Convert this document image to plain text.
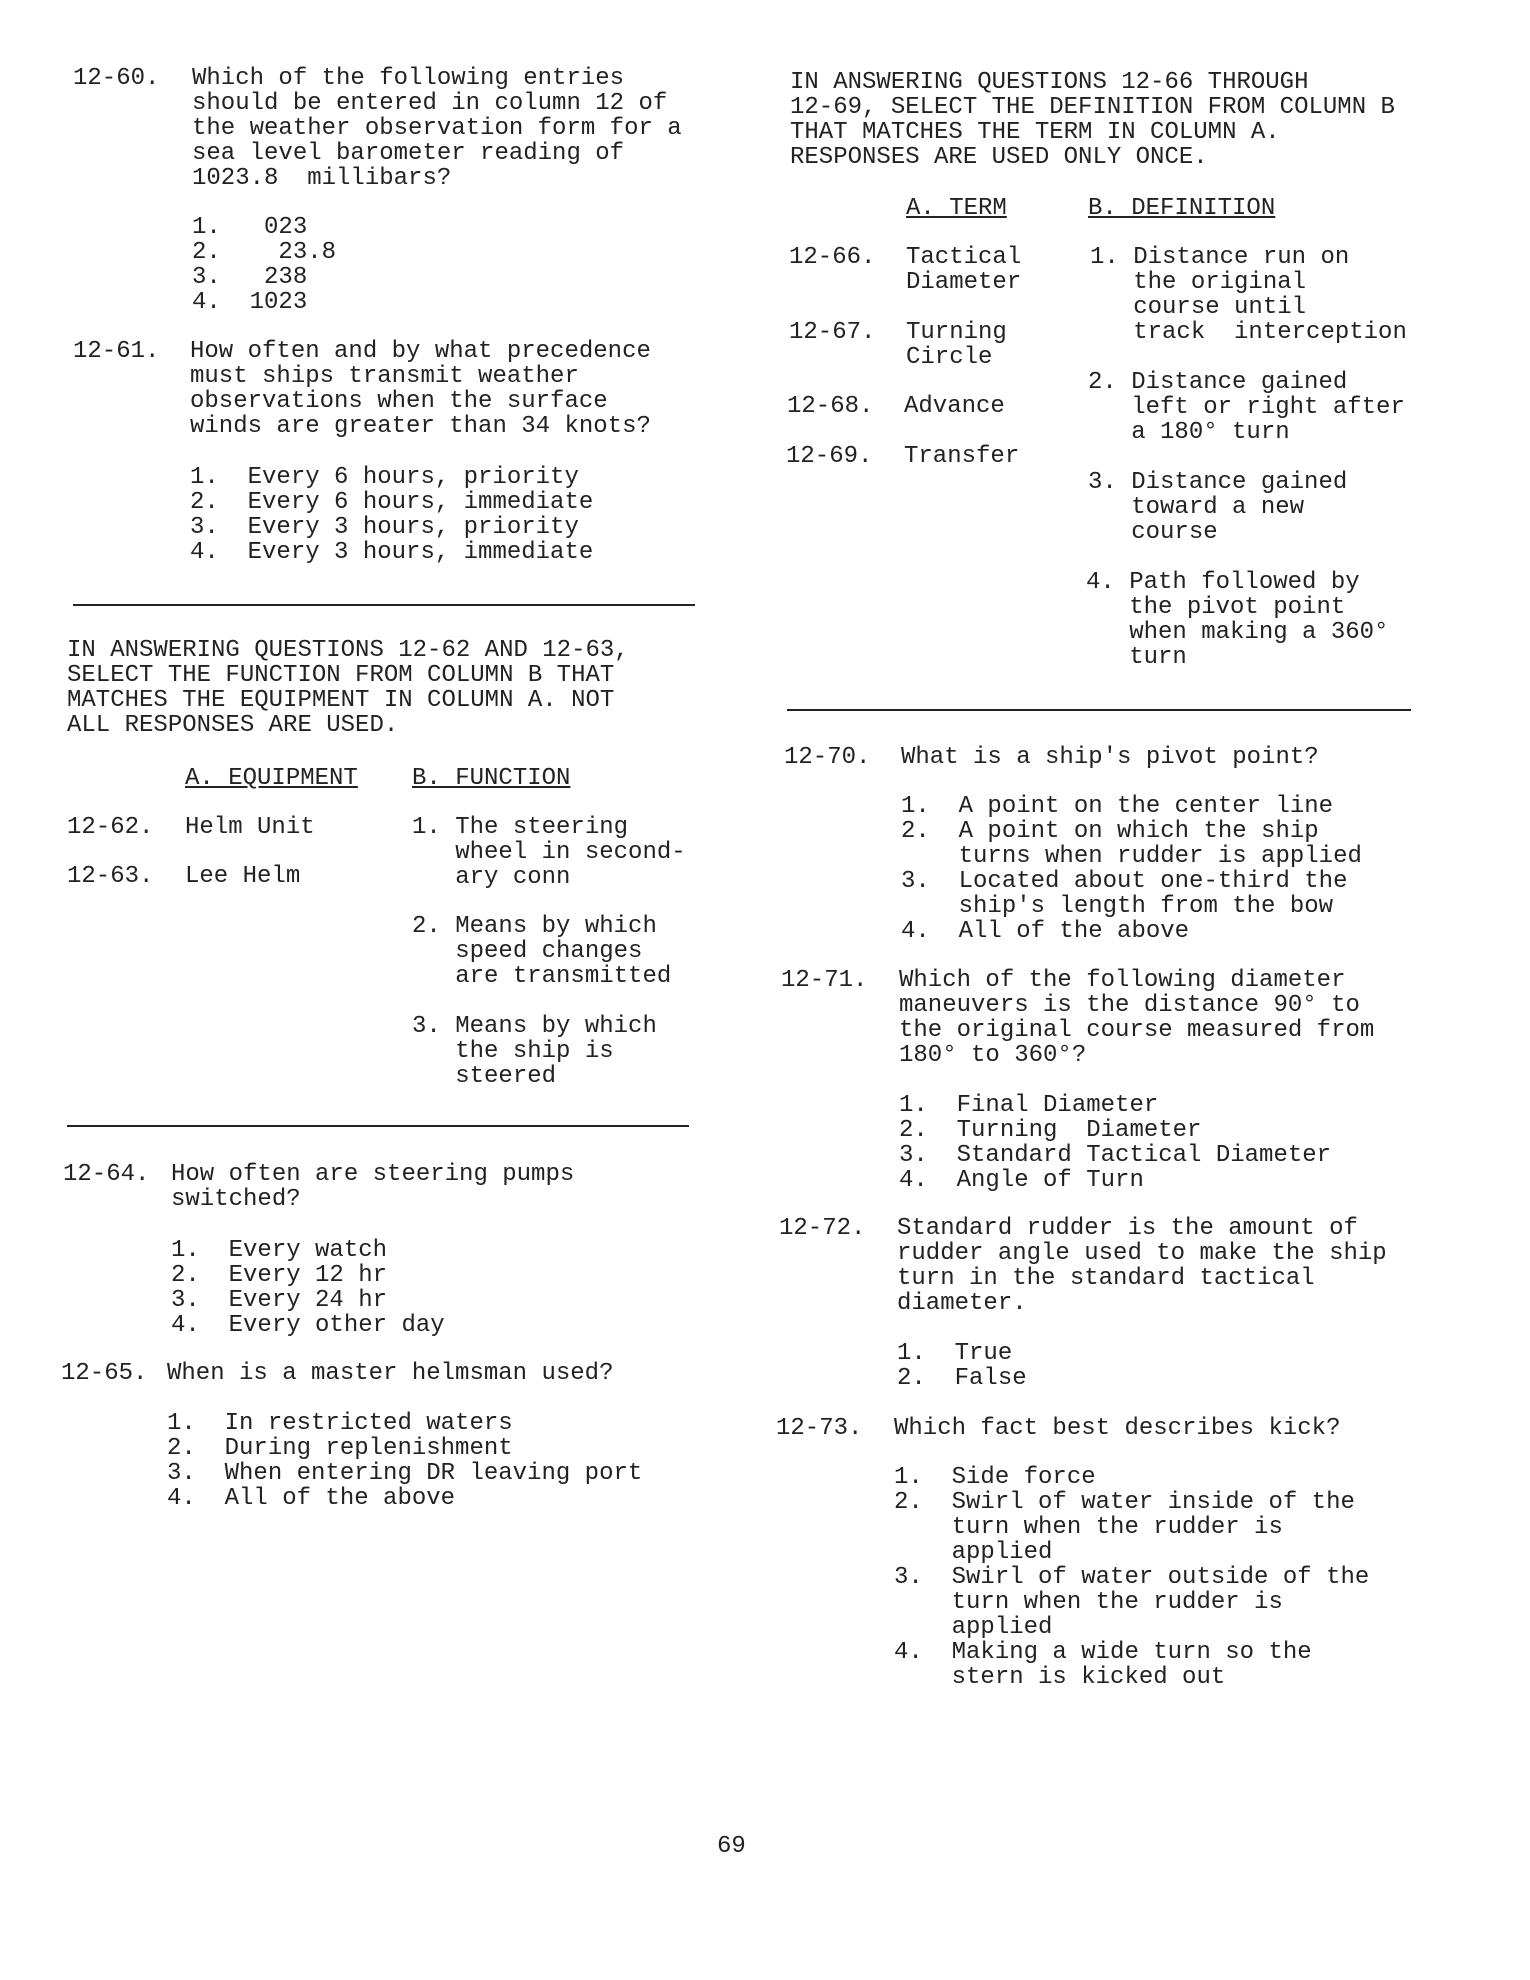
12-60. Which of the following entries
should be entered in column 12 of
the weather observation form for a
sea level barometer reading of
1023.8  millibars?
1.   023
2.    23.8
3.   238
4.  1023
12-61. How often and by what precedence
must ships transmit weather
observations when the surface
winds are greater than 34 knots?
1.  Every 6 hours, priority
2.  Every 6 hours, immediate
3.  Every 3 hours, priority
4.  Every 3 hours, immediate
IN ANSWERING QUESTIONS 12-62 AND 12-63,
SELECT THE FUNCTION FROM COLUMN B THAT
MATCHES THE EQUIPMENT IN COLUMN A. NOT
ALL RESPONSES ARE USED.
A. EQUIPMENT B. FUNCTION
12-62. Helm Unit
12-63. Lee Helm
1. The steering
wheel in second-
ary conn
2. Means by which
speed changes
are transmitted
3. Means by which
the ship is
steered
12-64. How often are steering pumps
switched?
1.  Every watch
2.  Every 12 hr
3.  Every 24 hr
4.  Every other day
12-65. When is a master helmsman used?
1.  In restricted waters
2.  During replenishment
3.  When entering DR leaving port
4.  All of the above
IN ANSWERING QUESTIONS 12-66 THROUGH
12-69, SELECT THE DEFINITION FROM COLUMN B
THAT MATCHES THE TERM IN COLUMN A.
RESPONSES ARE USED ONLY ONCE.
A. TERM	B. DEFINITION
12-66. Tactical
Diameter
12-67. Turning
Circle
12-68. Advance
12-69. Transfer
1. Distance run on
the original
course until
track  interception
2. Distance gained
left or right after
a 180° turn
3. Distance gained
toward a new
course
4. Path followed by
the pivot point
when making a 360°
turn
12-70. What is a ship's pivot point?
1.  A point on the center line
2.  A point on which the ship
turns when rudder is applied
3.  Located about one-third the
ship's length from the bow
4.  All of the above
12-71. Which of the following diameter
maneuvers is the distance 90° to
the original course measured from
180° to 360°?
1.  Final Diameter
2.  Turning  Diameter
3.  Standard Tactical Diameter
4.  Angle of Turn
12-72. Standard rudder is the amount of
rudder angle used to make the ship
turn in the standard tactical
diameter.
1.  True
2.  False
12-73. Which fact best describes kick?
1.  Side force
2.  Swirl of water inside of the
turn when the rudder is
applied
3.  Swirl of water outside of the
turn when the rudder is
applied
4.  Making a wide turn so the
stern is kicked out
69
